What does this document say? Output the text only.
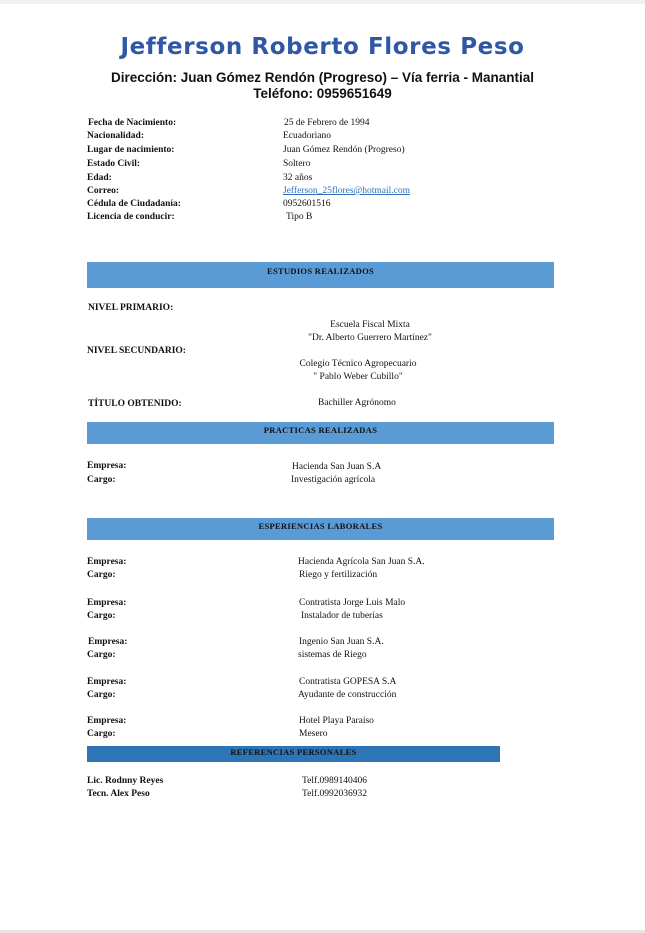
Jefferson Roberto Flores Peso
Dirección: Juan Gómez Rendón (Progreso) – Vía ferria - Manantial
Teléfono: 0959651649
Fecha de Nacimiento:	25 de Febrero de 1994
Nacionalidad:	Ecuadoriano
Lugar de nacimiento:	Juan Gómez Rendón (Progreso)
Estado Civil:	Soltero
Edad:	32 años
Correo:	Jefferson_25flores@hotmail.com
Cédula de Ciudadanía:	0952601516
Licencia de conducir:	Tipo B
ESTUDIOS REALIZADOS
NIVEL PRIMARIO:
Escuela Fiscal Mixta
"Dr. Alberto Guerrero Martínez"
NIVEL SECUNDARIO:
Colegio Técnico Agropecuario
" Pablo Weber Cubillo"
TÍTULO OBTENIDO:	Bachiller Agrónomo
PRACTICAS REALIZADAS
Empresa:	Hacienda San Juan S.A
Cargo:	Investigación agrícola
ESPERIENCIAS LABORALES
Empresa:	Hacienda Agrícola San Juan S.A.
Cargo:	Riego y fertilización
Empresa:	Contratista Jorge Luis Malo
Cargo:	Instalador de tuberías
Empresa:	Ingenio San Juan S.A.
Cargo:	sistemas de Riego
Empresa:	Contratista GOPESA S.A
Cargo:	Ayudante de construcción
Empresa:	Hotel Playa Paraíso
Cargo:	Mesero
REFERENCIAS PERSONALES
Lic. Rodnny Reyes	Telf.0989140406
Tecn. Alex Peso	Telf.0992036932
